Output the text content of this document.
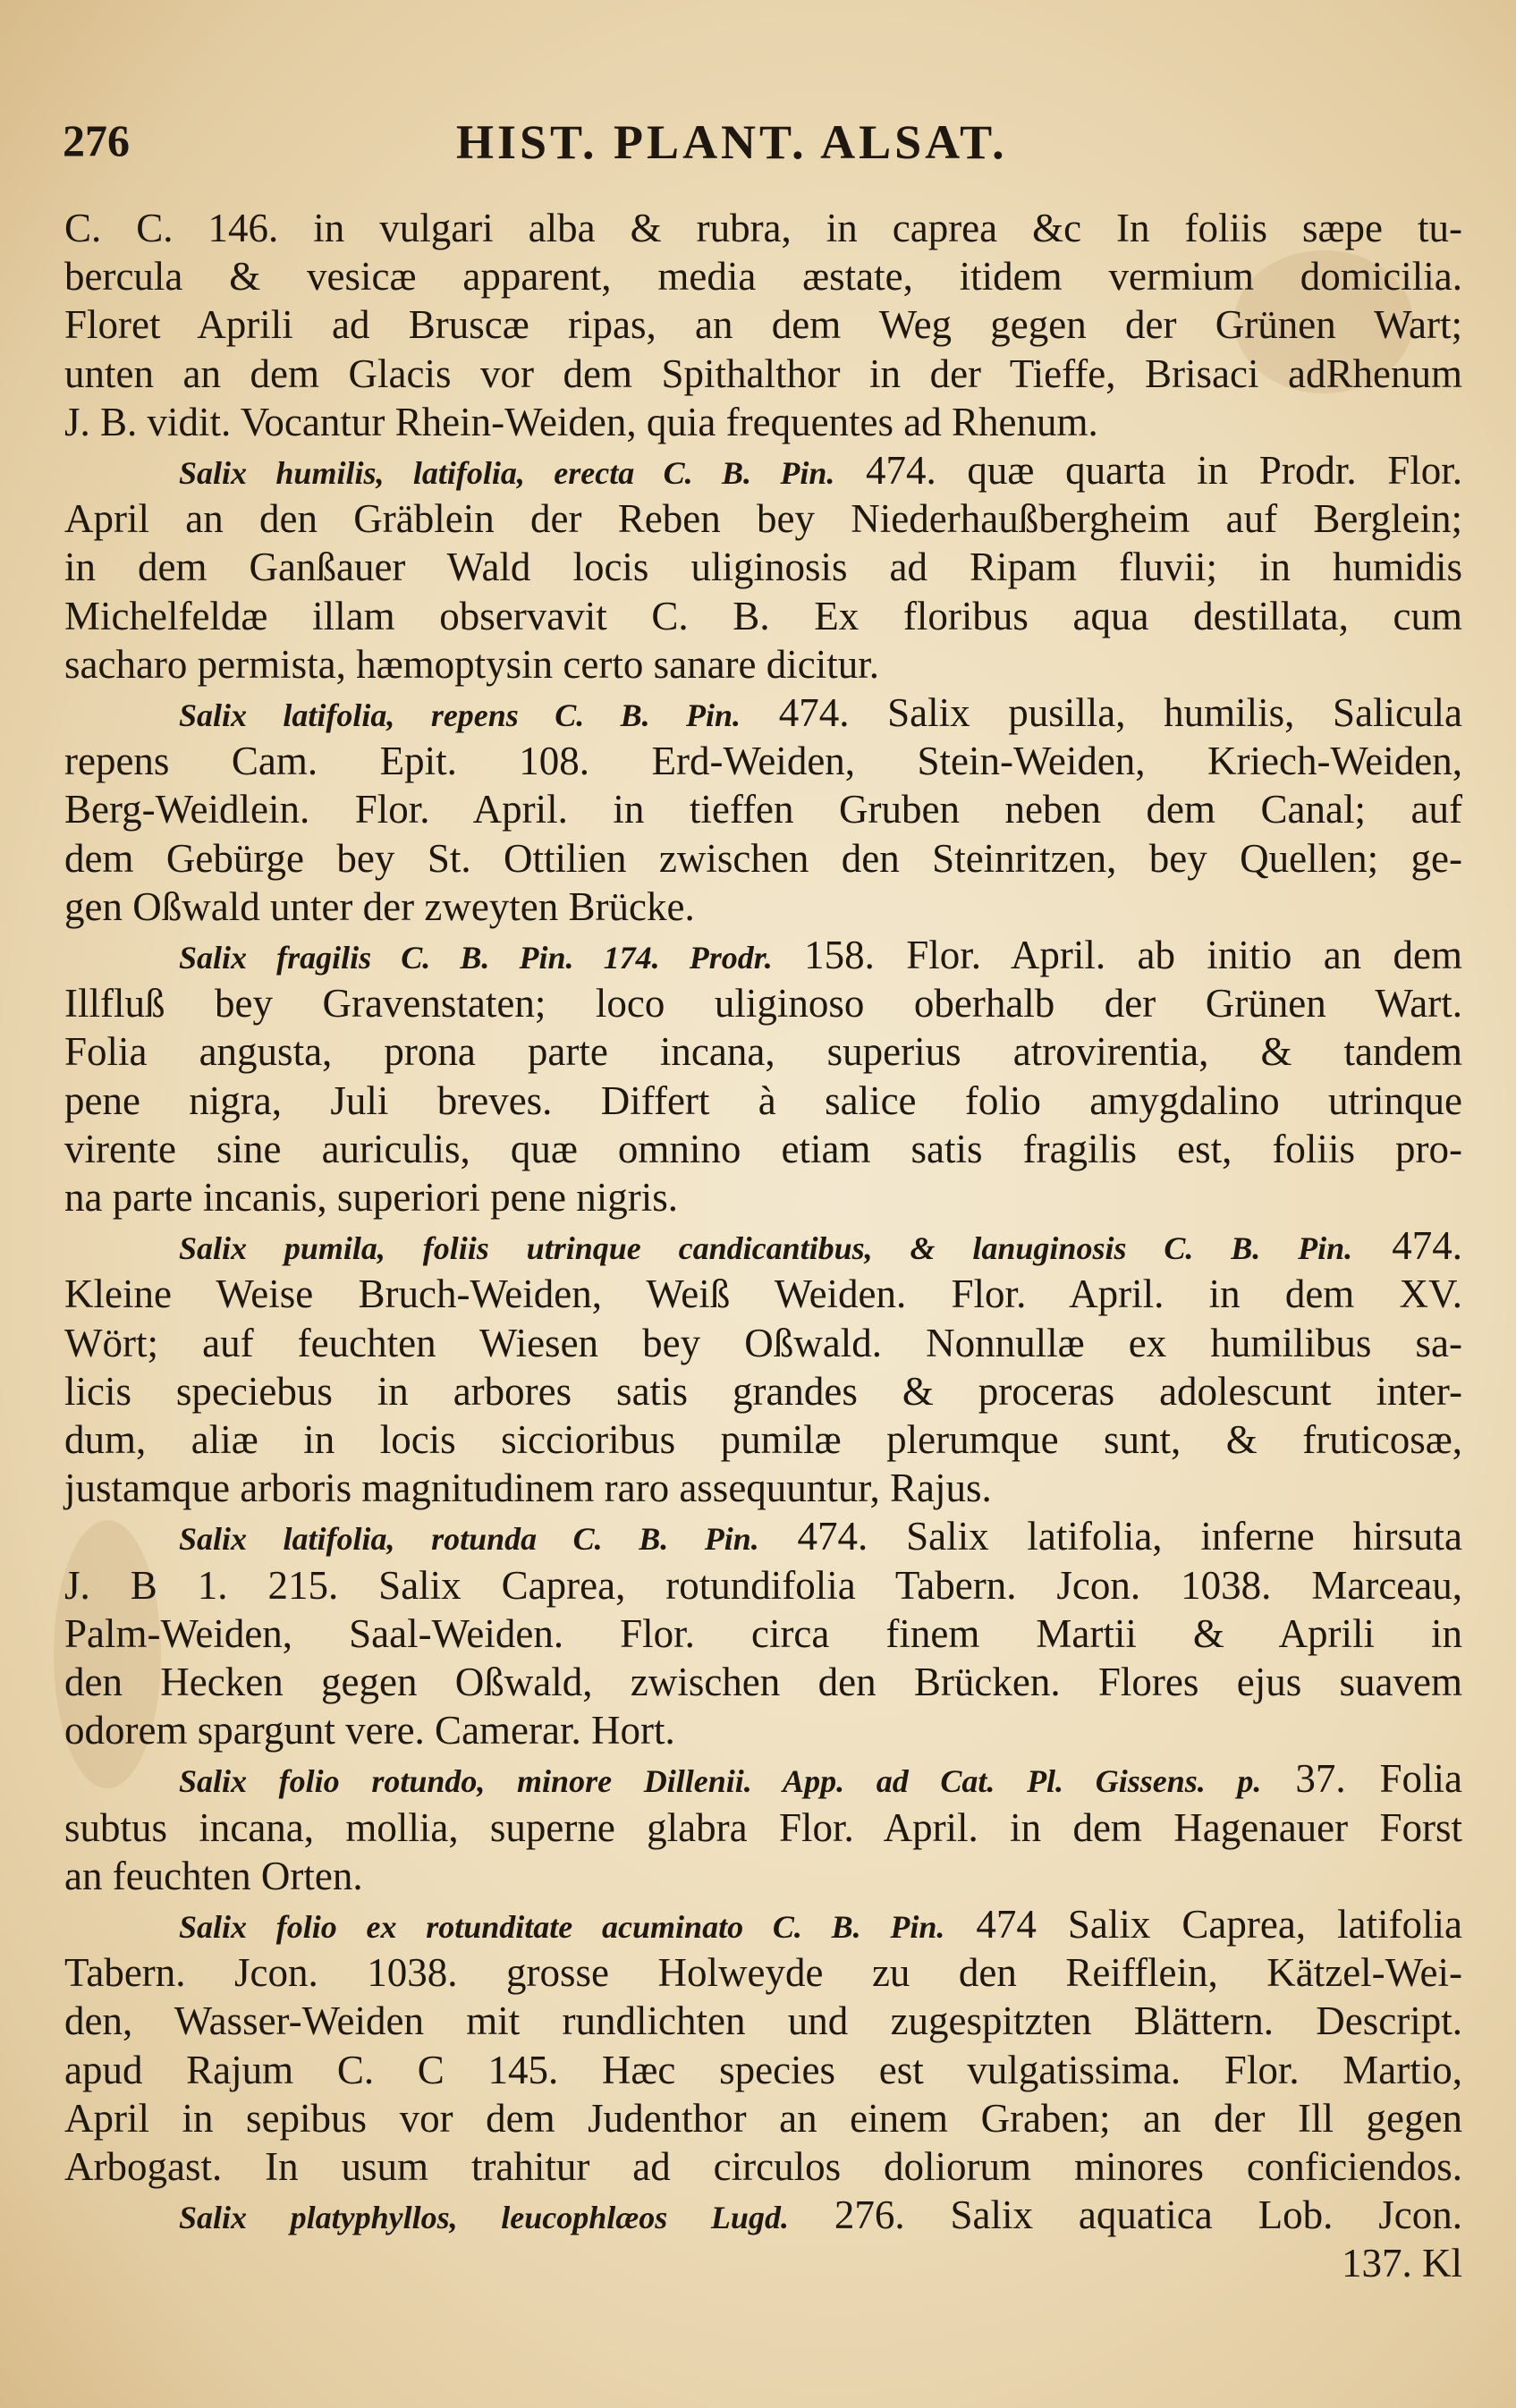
276	HIST. PLANT. ALSAT.
C. C. 146. in vulgari alba & rubra, in caprea &c In foliis sæpe tu-
bercula & vesicæ apparent, media æstate, itidem vermium domicilia.
Floret Aprili ad Bruscæ ripas, an dem Weg gegen der Grünen Wart;
unten an dem Glacis vor dem Spithalthor in der Tieffe, Brisaci adRhenum
J. B. vidit. Vocantur Rhein-Weiden, quia frequentes ad Rhenum.
Salix humilis, latifolia, erecta C. B. Pin. 474. quæ quarta in Prodr. Flor.
April an den Gräblein der Reben bey Niederhaußbergheim auf Berglein;
in dem Ganßauer Wald locis uliginosis ad Ripam fluvii; in humidis
Michelfeldæ illam observavit C. B. Ex floribus aqua destillata, cum
sacharo permista, hæmoptysin certo sanare dicitur.
Salix latifolia, repens C. B. Pin. 474. Salix pusilla, humilis, Salicula
repens Cam. Epit. 108. Erd-Weiden, Stein-Weiden, Kriech-Weiden,
Berg-Weidlein. Flor. April. in tieffen Gruben neben dem Canal; auf
dem Gebürge bey St. Ottilien zwischen den Steinritzen, bey Quellen; ge-
gen Oßwald unter der zweyten Brücke.
Salix fragilis C. B. Pin. 174. Prodr. 158. Flor. April. ab initio an dem
Illfluß bey Gravenstaten; loco uliginoso oberhalb der Grünen Wart.
Folia angusta, prona parte incana, superius atrovirentia, & tandem
pene nigra, Juli breves. Differt à salice folio amygdalino utrinque
virente sine auriculis, quæ omnino etiam satis fragilis est, foliis pro-
na parte incanis, superiori pene nigris.
Salix pumila, foliis utrinque candicantibus, & lanuginosis C. B. Pin. 474.
Kleine Weise Bruch-Weiden, Weiß Weiden. Flor. April. in dem XV.
Wört; auf feuchten Wiesen bey Oßwald. Nonnullæ ex humilibus sa-
licis speciebus in arbores satis grandes & proceras adolescunt inter-
dum, aliæ in locis siccioribus pumilæ plerumque sunt, & fruticosæ,
justamque arboris magnitudinem raro assequuntur, Rajus.
Salix latifolia, rotunda C. B. Pin. 474. Salix latifolia, inferne hirsuta
J. B 1. 215. Salix Caprea, rotundifolia Tabern. Jcon. 1038. Marceau,
Palm-Weiden, Saal-Weiden. Flor. circa finem Martii & Aprili in
den Hecken gegen Oßwald, zwischen den Brücken. Flores ejus suavem
odorem spargunt vere. Camerar. Hort.
Salix folio rotundo, minore Dillenii. App. ad Cat. Pl. Gissens. p. 37. Folia
subtus incana, mollia, superne glabra Flor. April. in dem Hagenauer Forst
an feuchten Orten.
Salix folio ex rotunditate acuminato C. B. Pin. 474 Salix Caprea, latifolia
Tabern. Jcon. 1038. grosse Holweyde zu den Reifflein, Kätzel-Wei-
den, Wasser-Weiden mit rundlichten und zugespitzten Blättern. Descript.
apud Rajum C. C 145. Hæc species est vulgatissima. Flor. Martio,
April in sepibus vor dem Judenthor an einem Graben; an der Ill gegen
Arbogast. In usum trahitur ad circulos doliorum minores conficiendos.
Salix platyphyllos, leucophlæos Lugd. 276. Salix aquatica Lob. Jcon.
137. Kl
